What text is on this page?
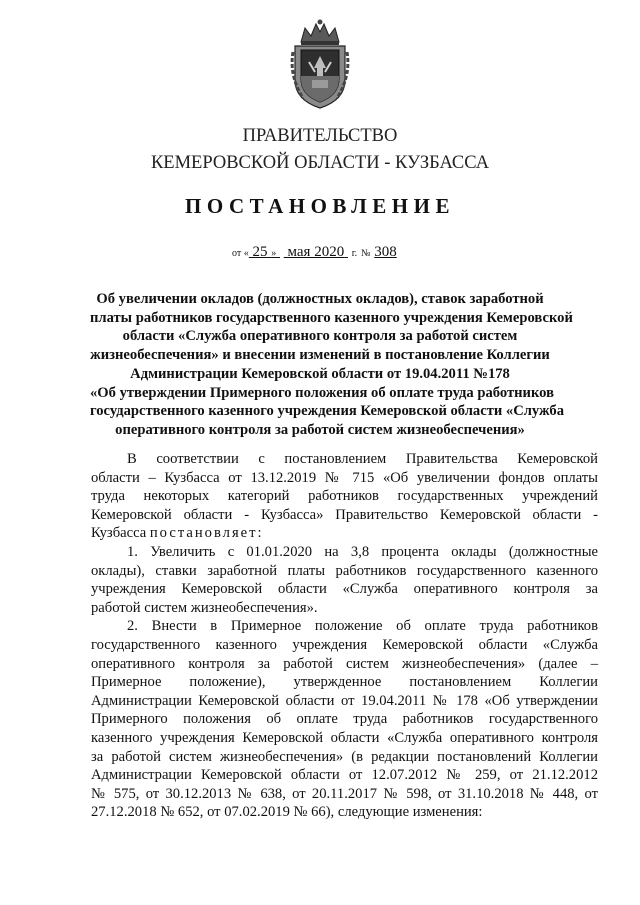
ПРАВИТЕЛЬСТВО
КЕМЕРОВСКОЙ ОБЛАСТИ - КУЗБАССА
ПОСТАНОВЛЕНИЕ
от « 25 » мая 2020 г. № 308
Об увеличении окладов (должностных окладов), ставок заработной
платы работников государственного казенного учреждения Кемеровской
области «Служба оперативного контроля за работой систем
жизнеобеспечения» и внесении изменений в постановление Коллегии
Администрации Кемеровской области от 19.04.2011 №178
«Об утверждении Примерного положения об оплате труда работников
государственного казенного учреждения Кемеровской области «Служба
оперативного контроля за работой систем жизнеобеспечения»
В соответствии с постановлением Правительства Кемеровской
области – Кузбасса от 13.12.2019 № 715 «Об увеличении фондов оплаты
труда некоторых категорий работников государственных учреждений
Кемеровской области - Кузбасса» Правительство Кемеровской области -
Кузбасса постановляет:
1. Увеличить с 01.01.2020 на 3,8 процента оклады (должностные
оклады), ставки заработной платы работников государственного казенного
учреждения Кемеровской области «Служба оперативного контроля за
работой систем жизнеобеспечения».
2. Внести в Примерное положение об оплате труда работников
государственного казенного учреждения Кемеровской области «Служба
оперативного контроля за работой систем жизнеобеспечения» (далее –
Примерное положение), утвержденное постановлением Коллегии
Администрации Кемеровской области от 19.04.2011 № 178 «Об утверждении
Примерного положения об оплате труда работников государственного
казенного учреждения Кемеровской области «Служба оперативного контроля
за работой систем жизнеобеспечения» (в редакции постановлений Коллегии
Администрации Кемеровской области от 12.07.2012 № 259, от 21.12.2012
№ 575, от 30.12.2013 № 638, от 20.11.2017 № 598, от 31.10.2018 № 448, от
27.12.2018 № 652, от 07.02.2019 № 66), следующие изменения:
